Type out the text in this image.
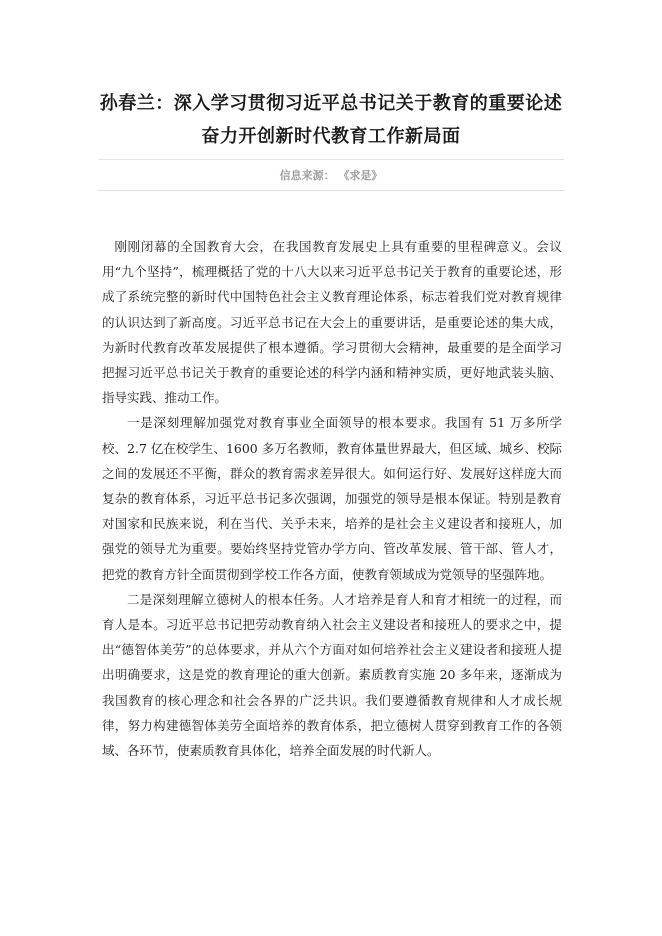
孙春兰：深入学习贯彻习近平总书记关于教育的重要论述
奋力开创新时代教育工作新局面
信息来源： 《求是》

刚刚闭幕的全国教育大会，在我国教育发展史上具有重要的里程碑意义。会议用“九个坚持”，梳理概括了党的十八大以来习近平总书记关于教育的重要论述，形成了系统完整的新时代中国特色社会主义教育理论体系，标志着我们党对教育规律的认识达到了新高度。习近平总书记在大会上的重要讲话，是重要论述的集大成，为新时代教育改革发展提供了根本遵循。学习贯彻大会精神，最重要的是全面学习把握习近平总书记关于教育的重要论述的科学内涵和精神实质，更好地武装头脑、指导实践、推动工作。

一是深刻理解加强党对教育事业全面领导的根本要求。我国有 51 万多所学校、2.7 亿在校学生、1600 多万名教师，教育体量世界最大，但区域、城乡、校际之间的发展还不平衡，群众的教育需求差异很大。如何运行好、发展好这样庞大而复杂的教育体系，习近平总书记多次强调，加强党的领导是根本保证。特别是教育对国家和民族来说，利在当代、关乎未来，培养的是社会主义建设者和接班人，加强党的领导尤为重要。要始终坚持党管办学方向、管改革发展、管干部、管人才，把党的教育方针全面贯彻到学校工作各方面，使教育领域成为党领导的坚强阵地。

二是深刻理解立德树人的根本任务。人才培养是育人和育才相统一的过程，而育人是本。习近平总书记把劳动教育纳入社会主义建设者和接班人的要求之中，提出“德智体美劳”的总体要求，并从六个方面对如何培养社会主义建设者和接班人提出明确要求，这是党的教育理论的重大创新。素质教育实施 20 多年来，逐渐成为我国教育的核心理念和社会各界的广泛共识。我们要遵循教育规律和人才成长规律，努力构建德智体美劳全面培养的教育体系，把立德树人贯穿到教育工作的各领域、各环节，使素质教育具体化，培养全面发展的时代新人。
